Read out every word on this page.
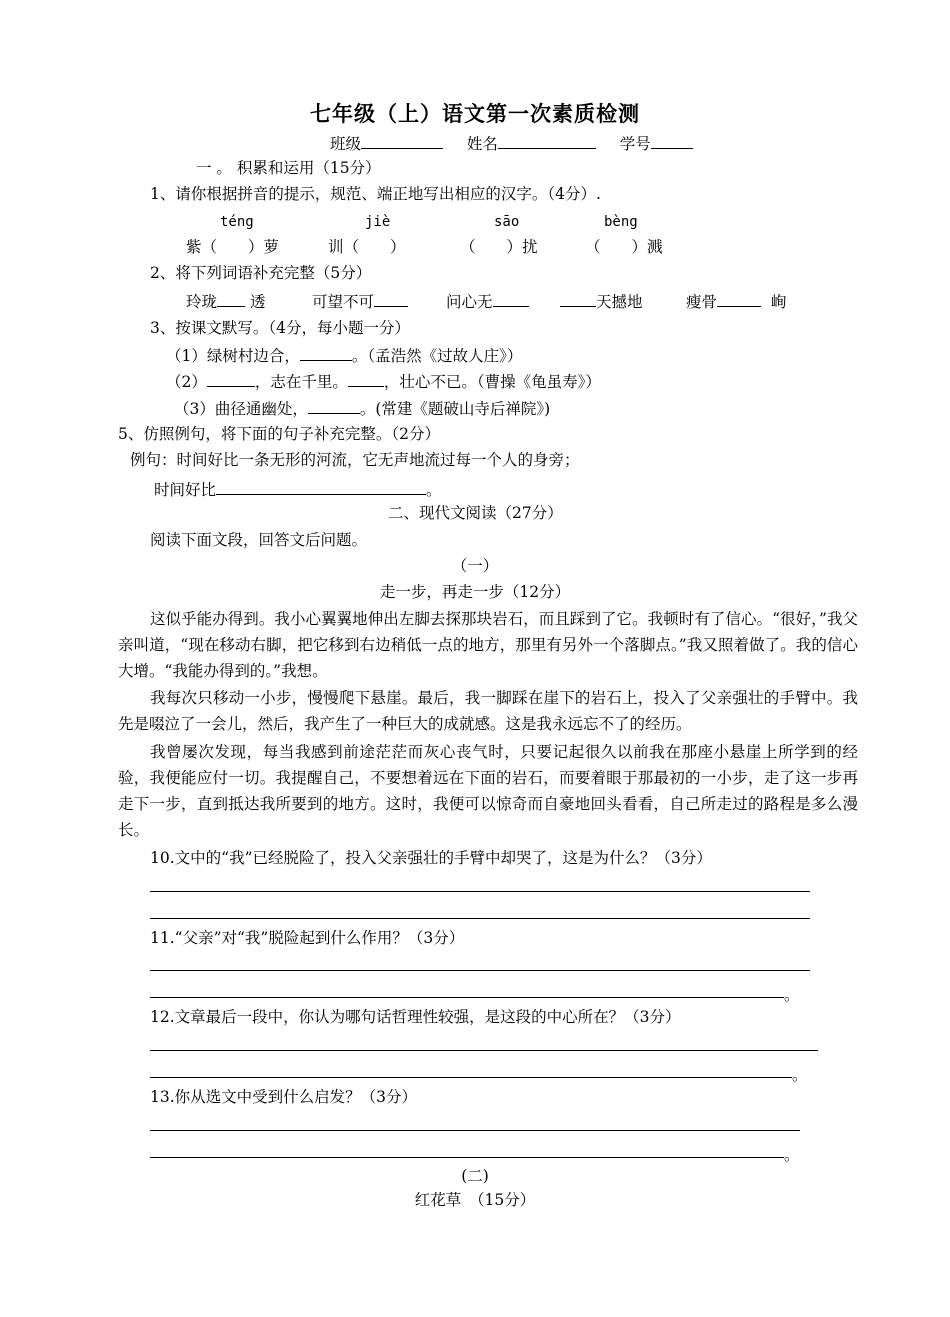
七年级（上）语文第一次素质检测
班级	姓名	学号
一 。 积累和运用（15分）
1、请你根据拼音的提示，规范、端正地写出相应的汉字。（4分）.
téng	jiè	sāo	bèng
紫（　　）萝	训（　　）	（　　）扰	（　　）溅
2、将下列词语补充完整（5分）
玲珑 透	可望不可	问心无	天撼地	瘦骨	峋
3、按课文默写。（4分，每小题一分）
（1）绿树村边合，	。（孟浩然《过故人庄》）
（2）	，志在千里。 ，壮心不已。（曹操《龟虽寿》）
（3）曲径通幽处，	。(常建《题破山寺后禅院》)
5、仿照例句，将下面的句子补充完整。（2分）
例句：时间好比一条无形的河流，它无声地流过每一个人的身旁；
时间好比	。
二、现代文阅读（27分）
阅读下面文段，回答文后问题。
（一）
走一步，再走一步（12分）
这似乎能办得到。我小心翼翼地伸出左脚去探那块岩石，而且踩到了它。我顿时有了信心。“很好，”我父亲叫道，“现在移动右脚，把它移到右边稍低一点的地方，那里有另外一个落脚点。”我又照着做了。我的信心大增。“我能办得到的。”我想。
我每次只移动一小步，慢慢爬下悬崖。最后，我一脚踩在崖下的岩石上，投入了父亲强壮的手臂中。我先是啜泣了一会儿，然后，我产生了一种巨大的成就感。这是我永远忘不了的经历。
我曾屡次发现，每当我感到前途茫茫而灰心丧气时，只要记起很久以前我在那座小悬崖上所学到的经验，我便能应付一切。我提醒自己，不要想着远在下面的岩石，而要着眼于那最初的一小步，走了这一步再走下一步，直到抵达我所要到的地方。这时，我便可以惊奇而自豪地回头看看，自己所走过的路程是多么漫长。
10.文中的“我”已经脱险了，投入父亲强壮的手臂中却哭了，这是为什么？（3分）
11.“父亲”对“我”脱险起到什么作用？（3分）
。
12.文章最后一段中，你认为哪句话哲理性较强，是这段的中心所在？（3分）
。
13.你从选文中受到什么启发？（3分）
。
(二)
红花草　（15分）
